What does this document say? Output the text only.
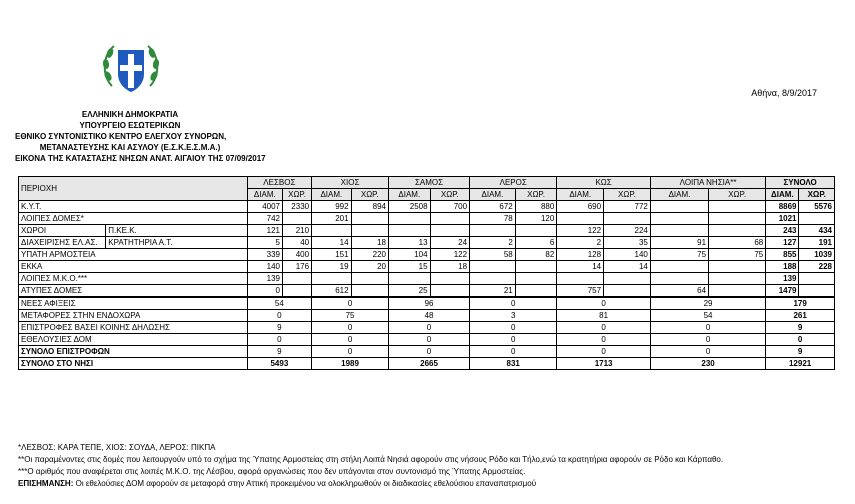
Αθήνα, 8/9/2017
ΕΛΛΗΝΙΚΗ ΔΗΜΟΚΡΑΤΙΑ
ΥΠΟΥΡΓΕΙΟ ΕΣΩΤΕΡΙΚΩΝ
ΕΘΝΙΚΟ ΣΥΝΤΟΝΙΣΤΙΚΟ ΚΕΝΤΡΟ ΕΛΕΓΧΟΥ ΣΥΝΟΡΩΝ,
ΜΕΤΑΝΑΣΤΕΥΣΗΣ ΚΑΙ ΑΣΥΛΟΥ (Ε.Σ.Κ.Ε.Σ.Μ.Α.)
ΕΙΚΟΝΑ ΤΗΣ ΚΑΤΑΣΤΑΣΗΣ ΝΗΣΩΝ ΑΝΑΤ. ΑΙΓΑΙΟΥ ΤΗΣ 07/09/2017
ΠΕΡΙΟΧΗ		ΛΕΣΒΟΣ		ΧΙΟΣ		ΣΑΜΟΣ		ΛΕΡΟΣ		ΚΩΣ		ΛΟΙΠΑ ΝΗΣΙΑ**		ΣΥΝΟΛΟ	
		ΔΙΑΜ.	ΧΩΡ.	ΔΙΑΜ.	ΧΩΡ.	ΔΙΑΜ.	ΧΩΡ.	ΔΙΑΜ.	ΧΩΡ.	ΔΙΑΜ.	ΧΩΡ.	ΔΙΑΜ.	ΧΩΡ.	ΔΙΑΜ.	ΧΩΡ.
Κ.Υ.Τ.		4007	2330	992	894	2508	700	672	880	690	772			8869	5576
ΛΟΙΠΕΣ ΔΟΜΕΣ*		742		201				78	120					1021	
ΧΩΡΟΙ	Π.ΚΕ.Κ.	121	210							122	224			243	434
ΔΙΑΧΕΙΡΙΣΗΣ ΕΛ.ΑΣ.	ΚΡΑΤΗΤΗΡΙΑ Α.Τ.	5	40	14	18	13	24	2	6	2	35	91	68	127	191
ΥΠΑΤΗ ΑΡΜΟΣΤΕΙΑ		339	400	151	220	104	122	58	82	128	140	75	75	855	1039
ΕΚΚΑ		140	176	19	20	15	18			14	14			188	228
ΛΟΙΠΕΣ Μ.Κ.Ο.***		139												139	
ΑΤΥΠΕΣ ΔΟΜΕΣ		0		612		25		21		757		64		1479	
ΝΕΕΣ ΑΦΙΞΕΙΣ		54		0		96		0		0		29		179	
ΜΕΤΑΦΟΡΕΣ ΣΤΗΝ ΕΝΔΟΧΩΡΑ		0		75		48		3		81		54		261	
ΕΠΙΣΤΡΟΦΕΣ ΒΑΣΕΙ ΚΟΙΝΗΣ ΔΗΛΩΣΗΣ		9		0		0		0		0		0		9	
ΕΘΕΛΟΥΣΙΕΣ ΔΟΜ		0		0		0		0		0		0		0	
ΣΥΝΟΛΟ ΕΠΙΣΤΡΟΦΩΝ		9		0		0		0		0		0		9	
ΣΥΝΟΛΟ ΣΤΟ ΝΗΣΙ		5493		1989		2665		831		1713		230		12921	
*ΛΕΣΒΟΣ: ΚΑΡΑ ΤΕΠΕ, ΧΙΟΣ: ΣΟΥΔΑ, ΛΕΡΟΣ: ΠΙΚΠΑ
**Οι παραμένοντες στις δομές που λειτουργούν υπό το σχήμα της Ύπατης Αρμοστείας στη στήλη Λοιπά Νησιά αφορούν στις νήσους Ρόδο και Τήλο,ενώ τα κρατητήρια αφορούν σε Ρόδο και Κάρπαθο.
***Ο αριθμός που αναφέρεται στις λοιπές Μ.Κ.Ο. της Λέσβου, αφορά οργανώσεις που δεν υπάγονται στον συντονισμό της Ύπατης Αρμοστείας.
ΕΠΙΣΗΜΑΝΣΗ: Οι εθελούσιες ΔΟΜ αφορούν σε μεταφορά στην Αττική προκειμένου να ολοκληρωθούν οι διαδικασίες εθελούσιου επαναπατρισμού
